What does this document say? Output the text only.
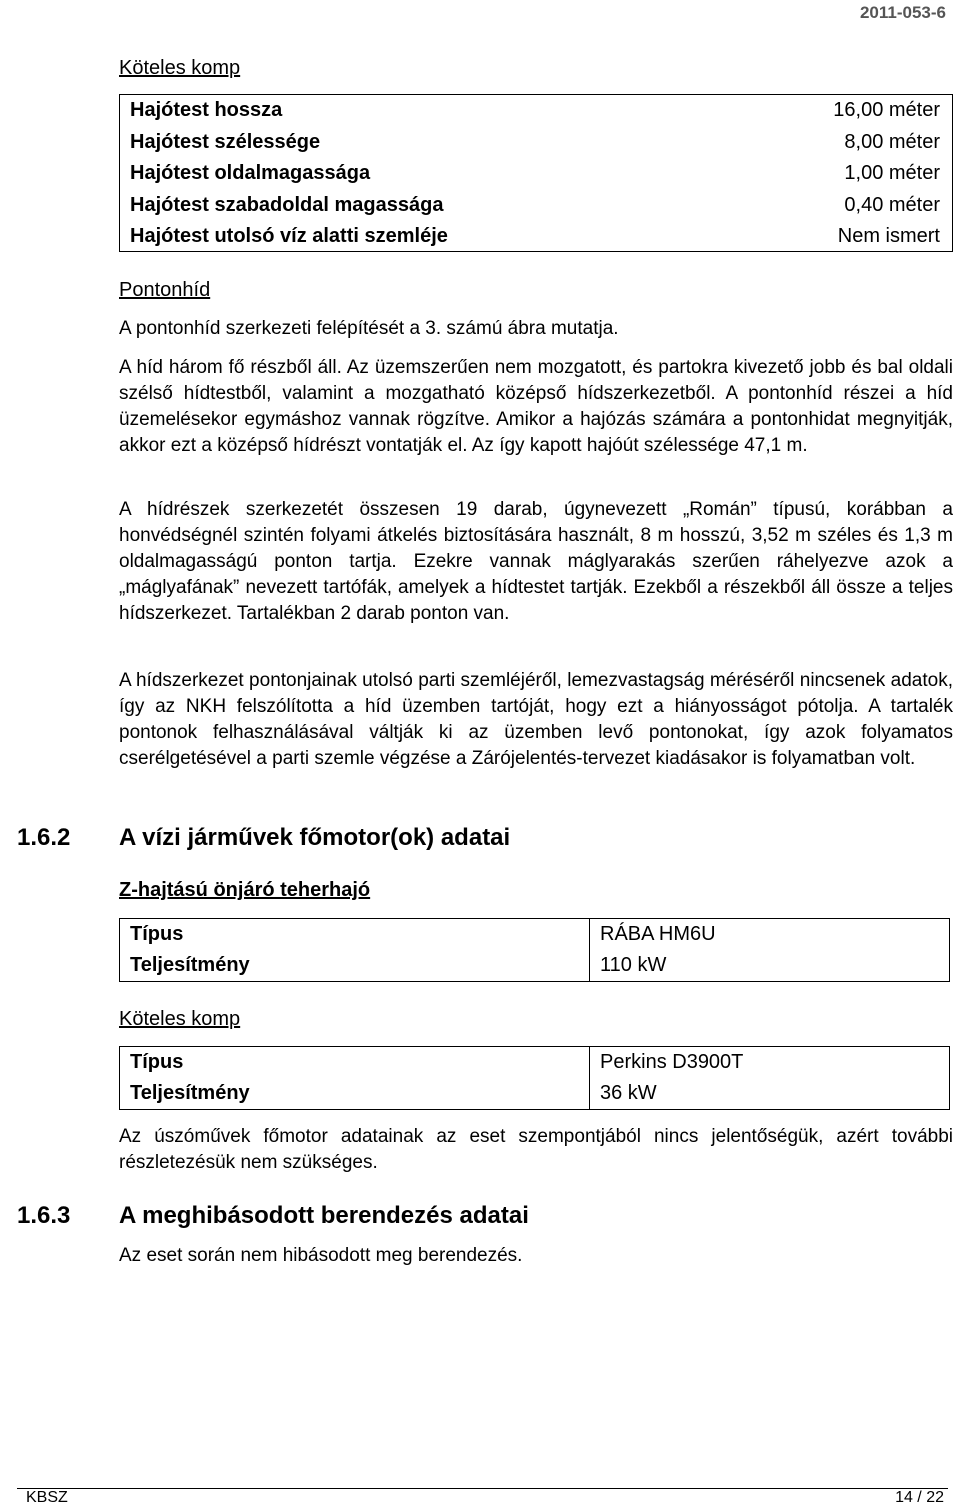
2011-053-6
Köteles komp
Hajótest hossza	16,00 méter
Hajótest szélessége	8,00 méter
Hajótest oldalmagassága	1,00 méter
Hajótest szabadoldal magassága	0,40 méter
Hajótest utolsó víz alatti szemléje	Nem ismert
Pontonhíd

A pontonhíd szerkezeti felépítését a 3. számú ábra mutatja.

A híd három fő részből áll. Az üzemszerűen nem mozgatott, és partokra kivezető jobb és bal oldali szélső hídtestből, valamint a mozgatható középső hídszerkezetből. A pontonhíd részei a híd üzemelésekor egymáshoz vannak rögzítve. Amikor a hajózás számára a pontonhidat megnyitják, akkor ezt a középső hídrészt vontatják el. Az így kapott hajóút szélessége 47,1 m.

A hídrészek szerkezetét összesen 19 darab, úgynevezett „Román” típusú, korábban a honvédségnél szintén folyami átkelés biztosítására használt, 8 m hosszú, 3,52 m széles és 1,3 m oldalmagasságú ponton tartja. Ezekre vannak máglyarakás szerűen ráhelyezve azok a „máglyafának” nevezett tartófák, amelyek a hídtestet tartják. Ezekből a részekből áll össze a teljes hídszerkezet. Tartalékban 2 darab ponton van.

A hídszerkezet pontonjainak utolsó parti szemléjéről, lemezvastagság méréséről nincsenek adatok, így az NKH felszólította a híd üzemben tartóját, hogy ezt a hiányosságot pótolja. A tartalék pontonok felhasználásával váltják ki az üzemben levő pontonokat, így azok folyamatos cserélgetésével a parti szemle végzése a Zárójelentés-tervezet kiadásakor is folyamatban volt.

1.6.2 A vízi járművek főmotor(ok) adatai
Z-hajtású önjáró teherhajó
Típus	RÁBA HM6U
Teljesítmény	110 kW
Köteles komp
Típus	Perkins D3900T
Teljesítmény	36 kW

Az úszóművek főmotor adatainak az eset szempontjából nincs jelentőségük, azért további részletezésük nem szükséges.

1.6.3 A meghibásodott berendezés adatai

Az eset során nem hibásodott meg berendezés.

KBSZ	14 / 22
